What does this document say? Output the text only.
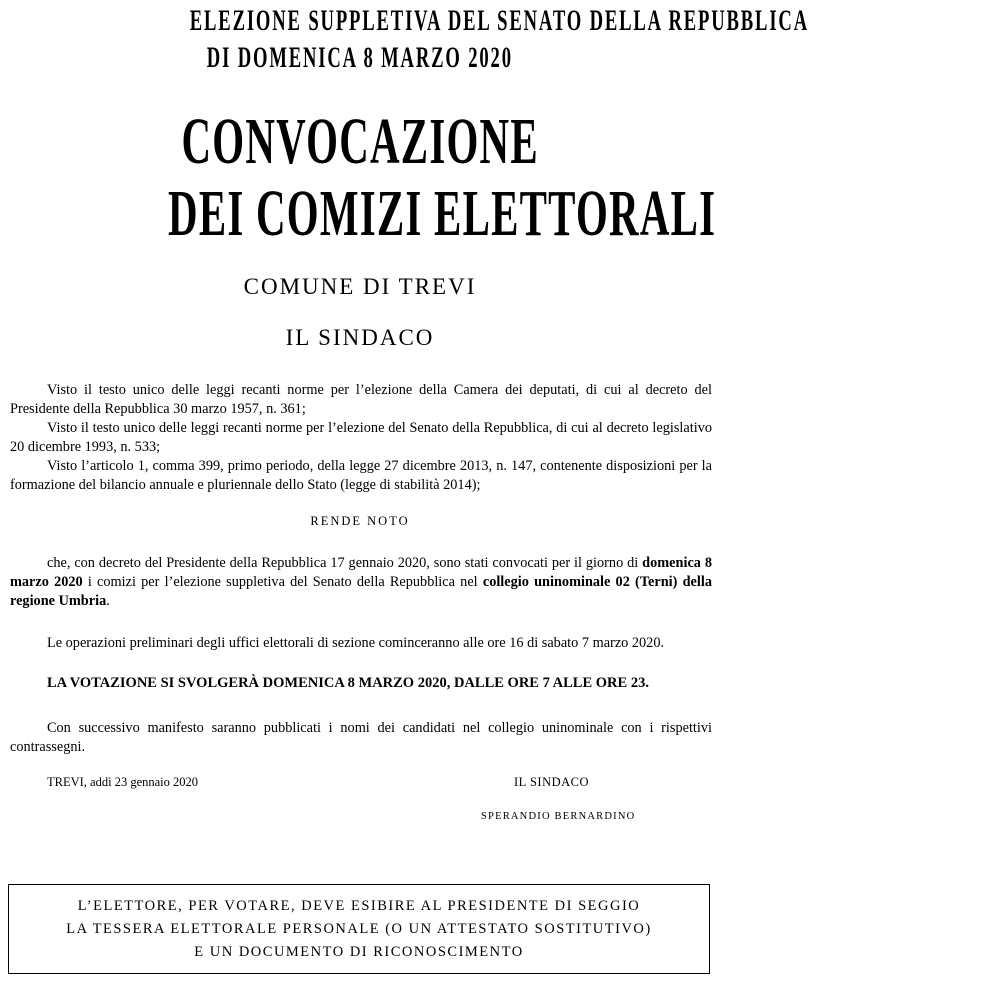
ELEZIONE SUPPLETIVA DEL SENATO DELLA REPUBBLICA
DI DOMENICA 8 MARZO 2020
CONVOCAZIONE
DEI COMIZI ELETTORALI
COMUNE DI TREVI
IL SINDACO

Visto il testo unico delle leggi recanti norme per l’elezione della Camera dei deputati, di cui al decreto del Presidente della Repubblica 30 marzo 1957, n. 361;

Visto il testo unico delle leggi recanti norme per l’elezione del Senato della Repubblica, di cui al decreto legislativo 20 dicembre 1993, n. 533;

Visto l’articolo 1, comma 399, primo periodo, della legge 27 dicembre 2013, n. 147, contenente disposizioni per la formazione del bilancio annuale e pluriennale dello Stato (legge di stabilità 2014);

RENDE NOTO

che, con decreto del Presidente della Repubblica 17 gennaio 2020, sono stati convocati per il giorno di domenica 8 marzo 2020 i comizi per l’elezione suppletiva del Senato della Repubblica nel collegio uninominale 02 (Terni) della regione Umbria.

Le operazioni preliminari degli uffici elettorali di sezione cominceranno alle ore 16 di sabato 7 marzo 2020.

LA VOTAZIONE SI SVOLGERÀ DOMENICA 8 MARZO 2020, DALLE ORE 7 ALLE ORE 23.

Con successivo manifesto saranno pubblicati i nomi dei candidati nel collegio uninominale con i rispettivi contrassegni.

TREVI, addì 23 gennaio 2020	IL SINDACO
SPERANDIO BERNARDINO
L’ELETTORE, PER VOTARE, DEVE ESIBIRE AL PRESIDENTE DI SEGGIO
LA TESSERA ELETTORALE PERSONALE (O UN ATTESTATO SOSTITUTIVO)
E UN DOCUMENTO DI RICONOSCIMENTO
